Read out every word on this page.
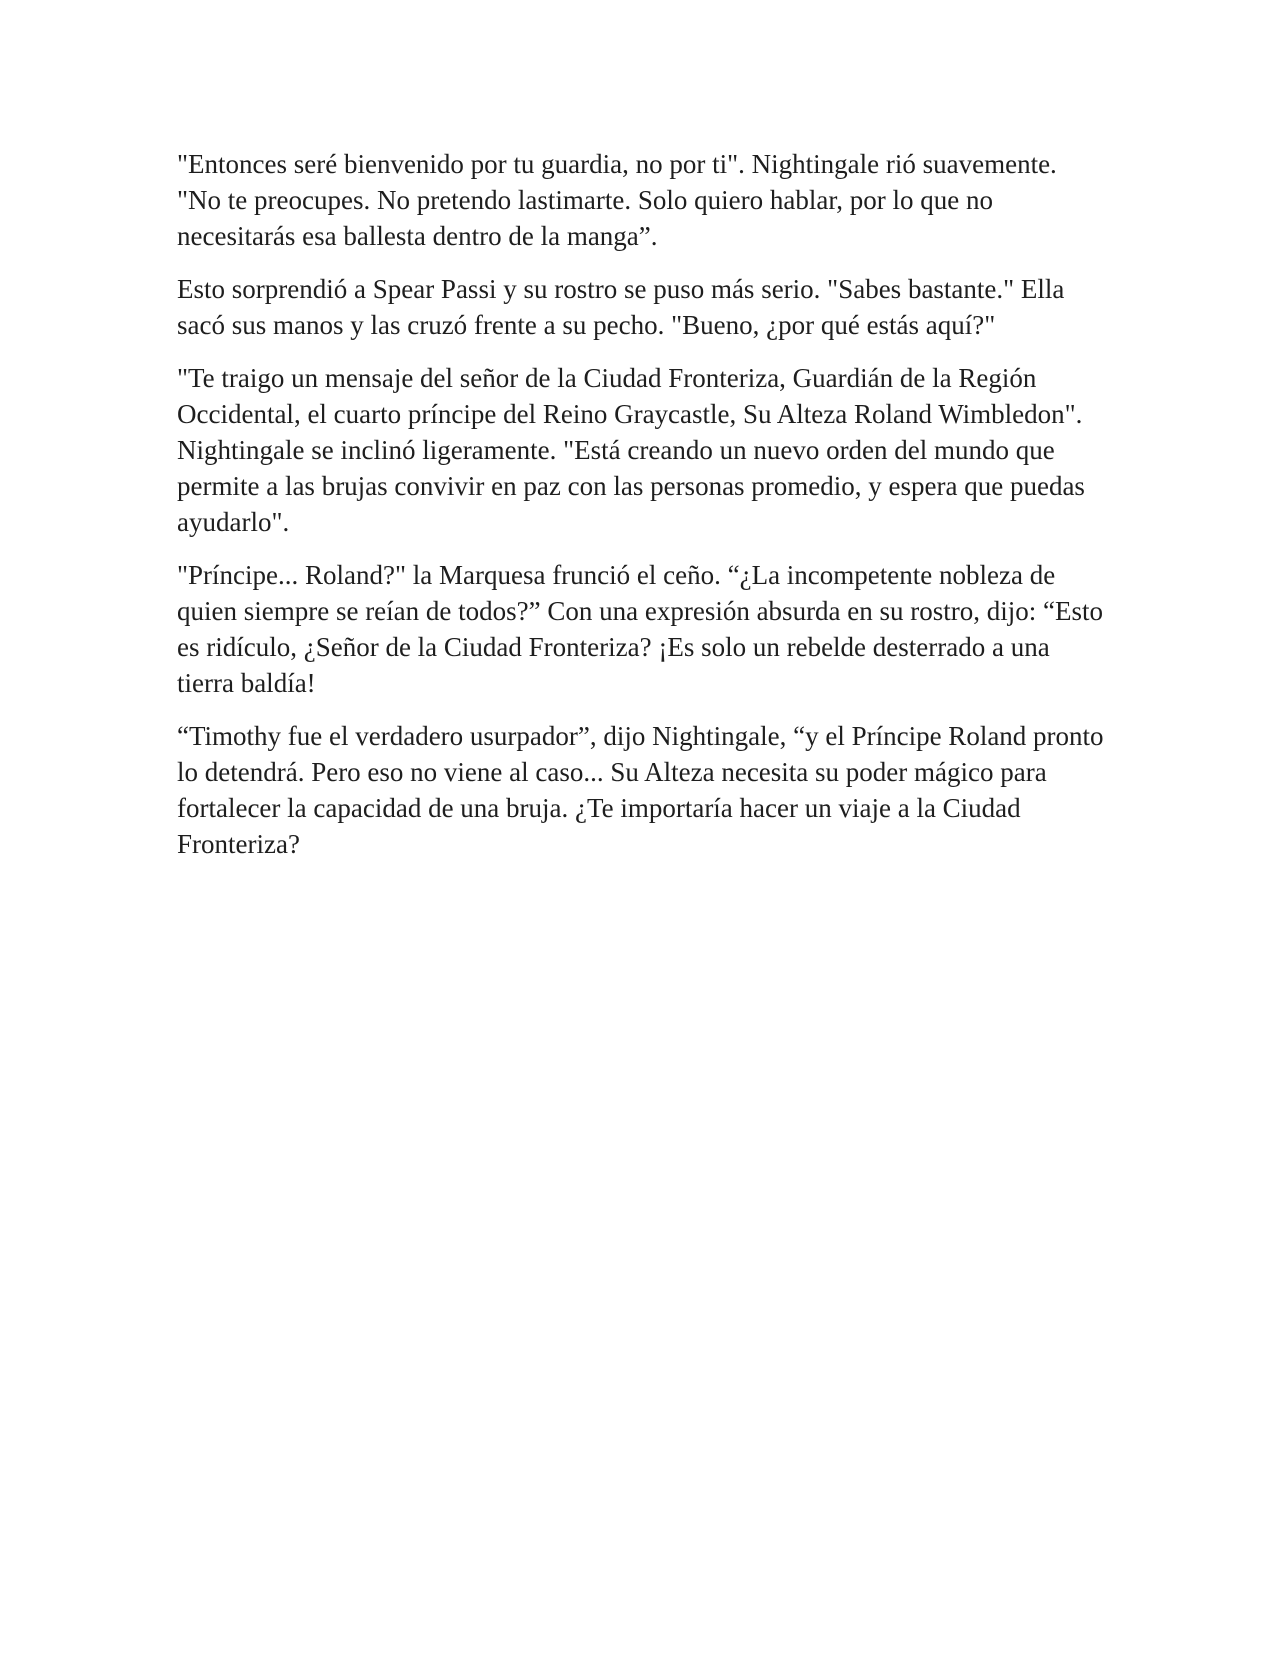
"Entonces seré bienvenido por tu guardia, no por ti". Nightingale rió suavemente. "No te preocupes. No pretendo lastimarte. Solo quiero hablar, por lo que no necesitarás esa ballesta dentro de la manga”.

Esto sorprendió a Spear Passi y su rostro se puso más serio. "Sabes bastante." Ella sacó sus manos y las cruzó frente a su pecho. "Bueno, ¿por qué estás aquí?"

"Te traigo un mensaje del señor de la Ciudad Fronteriza, Guardián de la Región Occidental, el cuarto príncipe del Reino Graycastle, Su Alteza Roland Wimbledon". Nightingale se inclinó ligeramente. "Está creando un nuevo orden del mundo que permite a las brujas convivir en paz con las personas promedio, y espera que puedas ayudarlo".

"Príncipe... Roland?" la Marquesa frunció el ceño. “¿La incompetente nobleza de quien siempre se reían de todos?” Con una expresión absurda en su rostro, dijo: “Esto es ridículo, ¿Señor de la Ciudad Fronteriza? ¡Es solo un rebelde desterrado a una tierra baldía!

“Timothy fue el verdadero usurpador”, dijo Nightingale, “y el Príncipe Roland pronto lo detendrá. Pero eso no viene al caso... Su Alteza necesita su poder mágico para fortalecer la capacidad de una bruja. ¿Te importaría hacer un viaje a la Ciudad Fronteriza?
